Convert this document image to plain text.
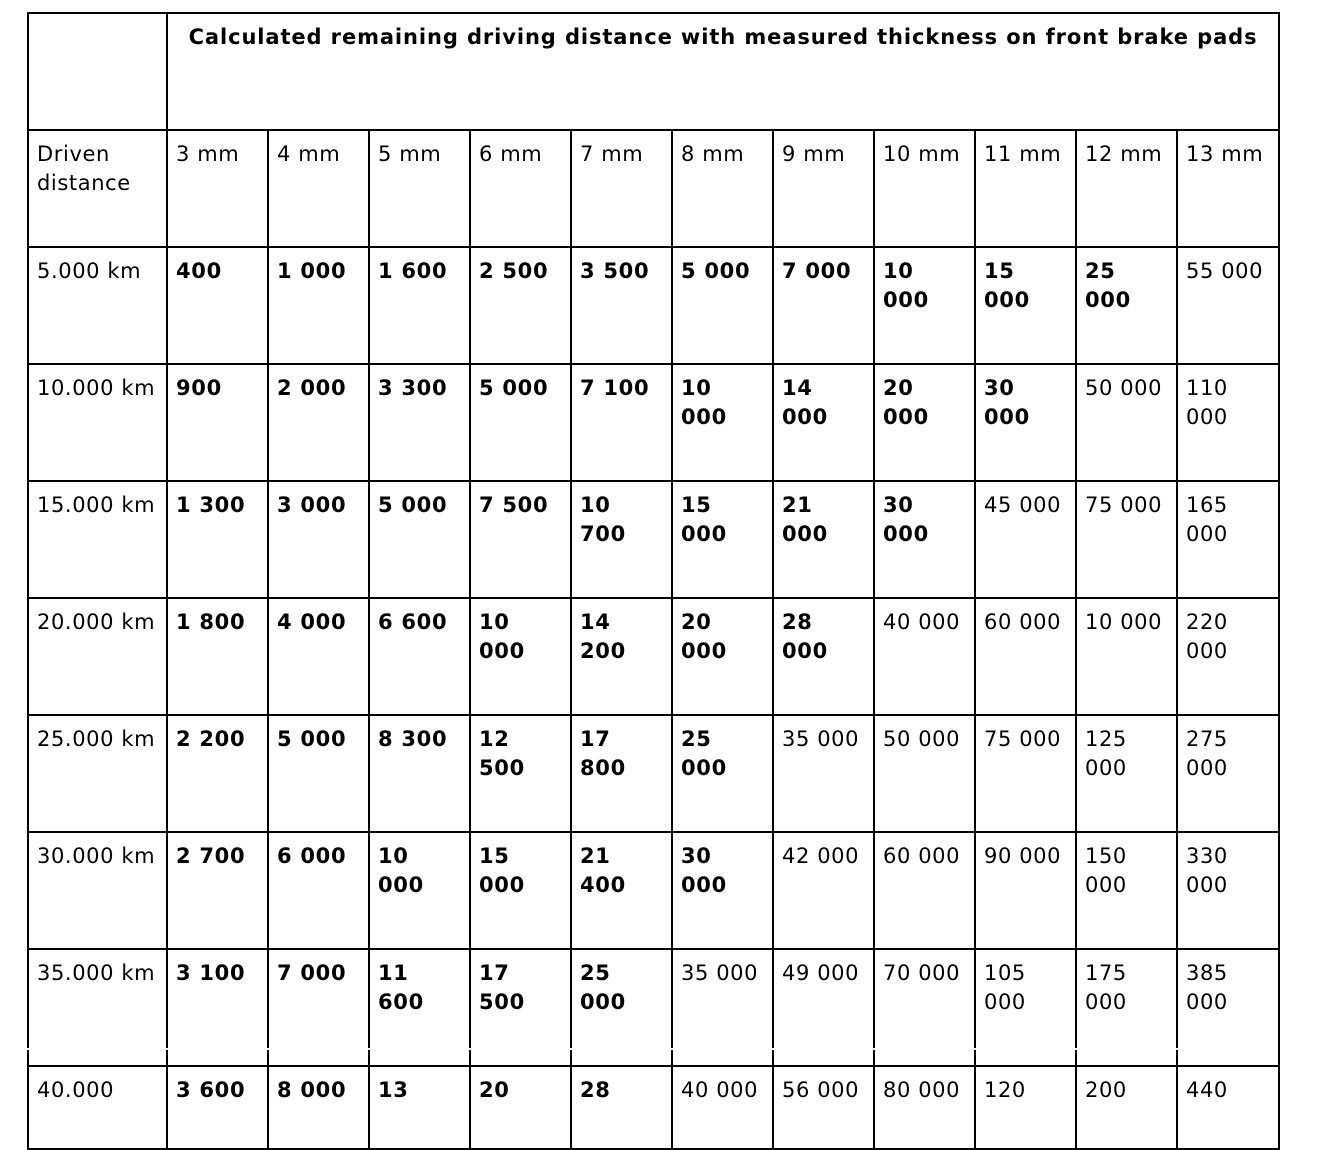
	Calculated remaining driving distance with measured thickness on front brake pads										
Driven distance	3 mm	4 mm	5 mm	6 mm	7 mm	8 mm	9 mm	10 mm	11 mm	12 mm	13 mm
5.000 km	400	1 000	1 600	2 500	3 500	5 000	7 000	10 000	15 000	25 000	55 000
10.000 km	900	2 000	3 300	5 000	7 100	10 000	14 000	20 000	30 000	50 000	110 000
15.000 km	1 300	3 000	5 000	7 500	10 700	15 000	21 000	30 000	45 000	75 000	165 000
20.000 km	1 800	4 000	6 600	10 000	14 200	20 000	28 000	40 000	60 000	10 000	220 000
25.000 km	2 200	5 000	8 300	12 500	17 800	25 000	35 000	50 000	75 000	125 000	275 000
30.000 km	2 700	6 000	10 000	15 000	21 400	30 000	42 000	60 000	90 000	150 000	330 000
35.000 km	3 100	7 000	11 600	17 500	25 000	35 000	49 000	70 000	105 000	175 000	385 000
40.000	3 600	8 000	13	20	28	40 000	56 000	80 000	120	200	440
